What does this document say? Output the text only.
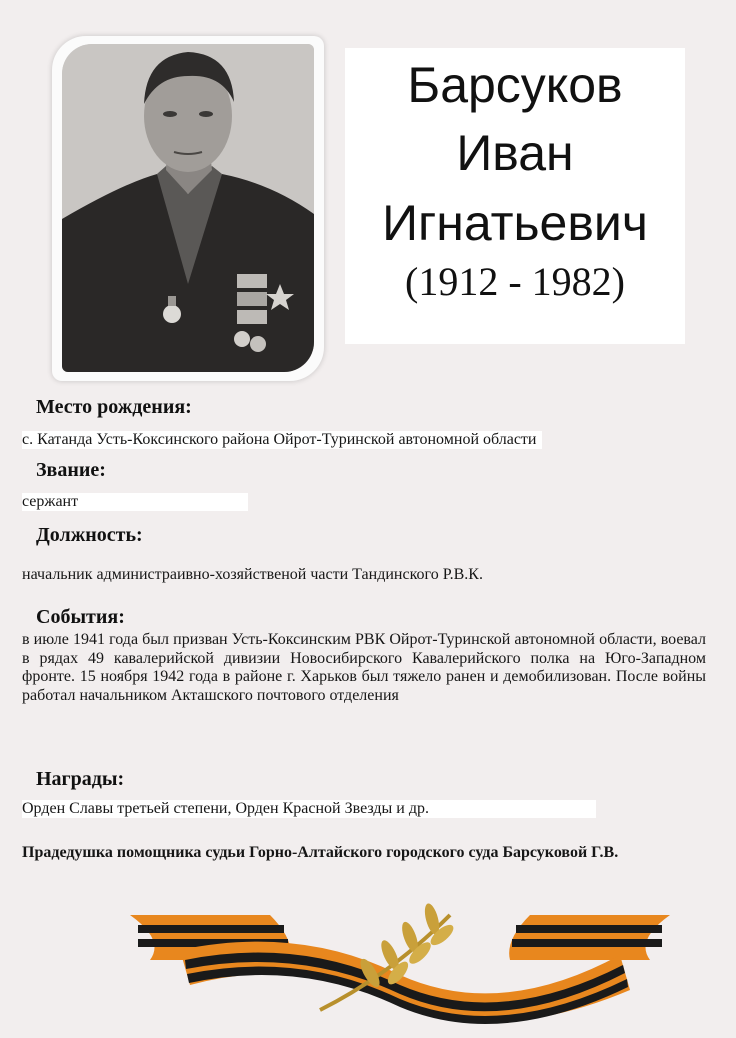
Барсуков
Иван
Игнатьевич
(1912 - 1982)
Место рождения:
с. Катанда Усть-Коксинского района Ойрот-Туринской автономной области
Звание:
сержант
Должность:
начальник администраивно-хозяйственой части Тандинского Р.В.К.
События:
в июле 1941 года был призван Усть-Коксинским РВК Ойрот-Туринской автономной области, воевал в рядах 49 кавалерийской дивизии Новосибирского Кавалерийского полка на Юго-Западном фронте. 15 ноября 1942 года в районе г. Харьков был тяжело ранен и демобилизован. После войны работал начальником Акташского почтового отделения
Награды:
Орден Славы третьей степени, Орден Красной Звезды и др.
Прадедушка помощника судьи Горно-Алтайского городского суда Барсуковой Г.В.
